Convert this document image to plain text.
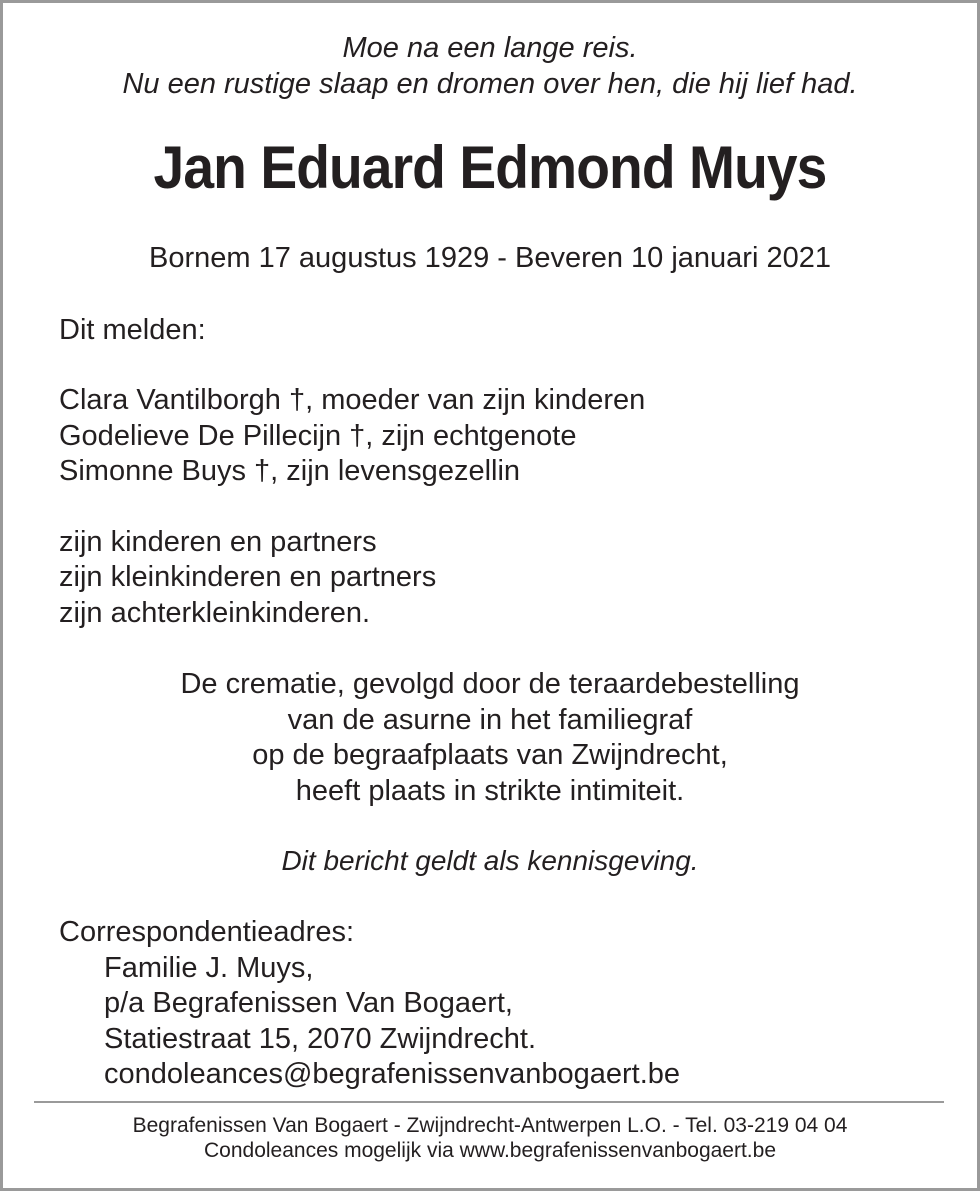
Moe na een lange reis.
Nu een rustige slaap en dromen over hen, die hij lief had.
Jan Eduard Edmond Muys
Bornem 17 augustus 1929 - Beveren 10 januari 2021
Dit melden:
Clara Vantilborgh †, moeder van zijn kinderen
Godelieve De Pillecijn †, zijn echtgenote
Simonne Buys †, zijn levensgezellin
zijn kinderen en partners
zijn kleinkinderen en partners
zijn achterkleinkinderen.
De crematie, gevolgd door de teraardebestelling
van de asurne in het familiegraf
op de begraafplaats van Zwijndrecht,
heeft plaats in strikte intimiteit.
Dit bericht geldt als kennisgeving.
Correspondentieadres:
Familie J. Muys,
p/a Begrafenissen Van Bogaert,
Statiestraat 15, 2070 Zwijndrecht.
condoleances@begrafenissenvanbogaert.be
Begrafenissen Van Bogaert - Zwijndrecht-Antwerpen L.O. - Tel. 03-219 04 04
Condoleances mogelijk via www.begrafenissenvanbogaert.be
